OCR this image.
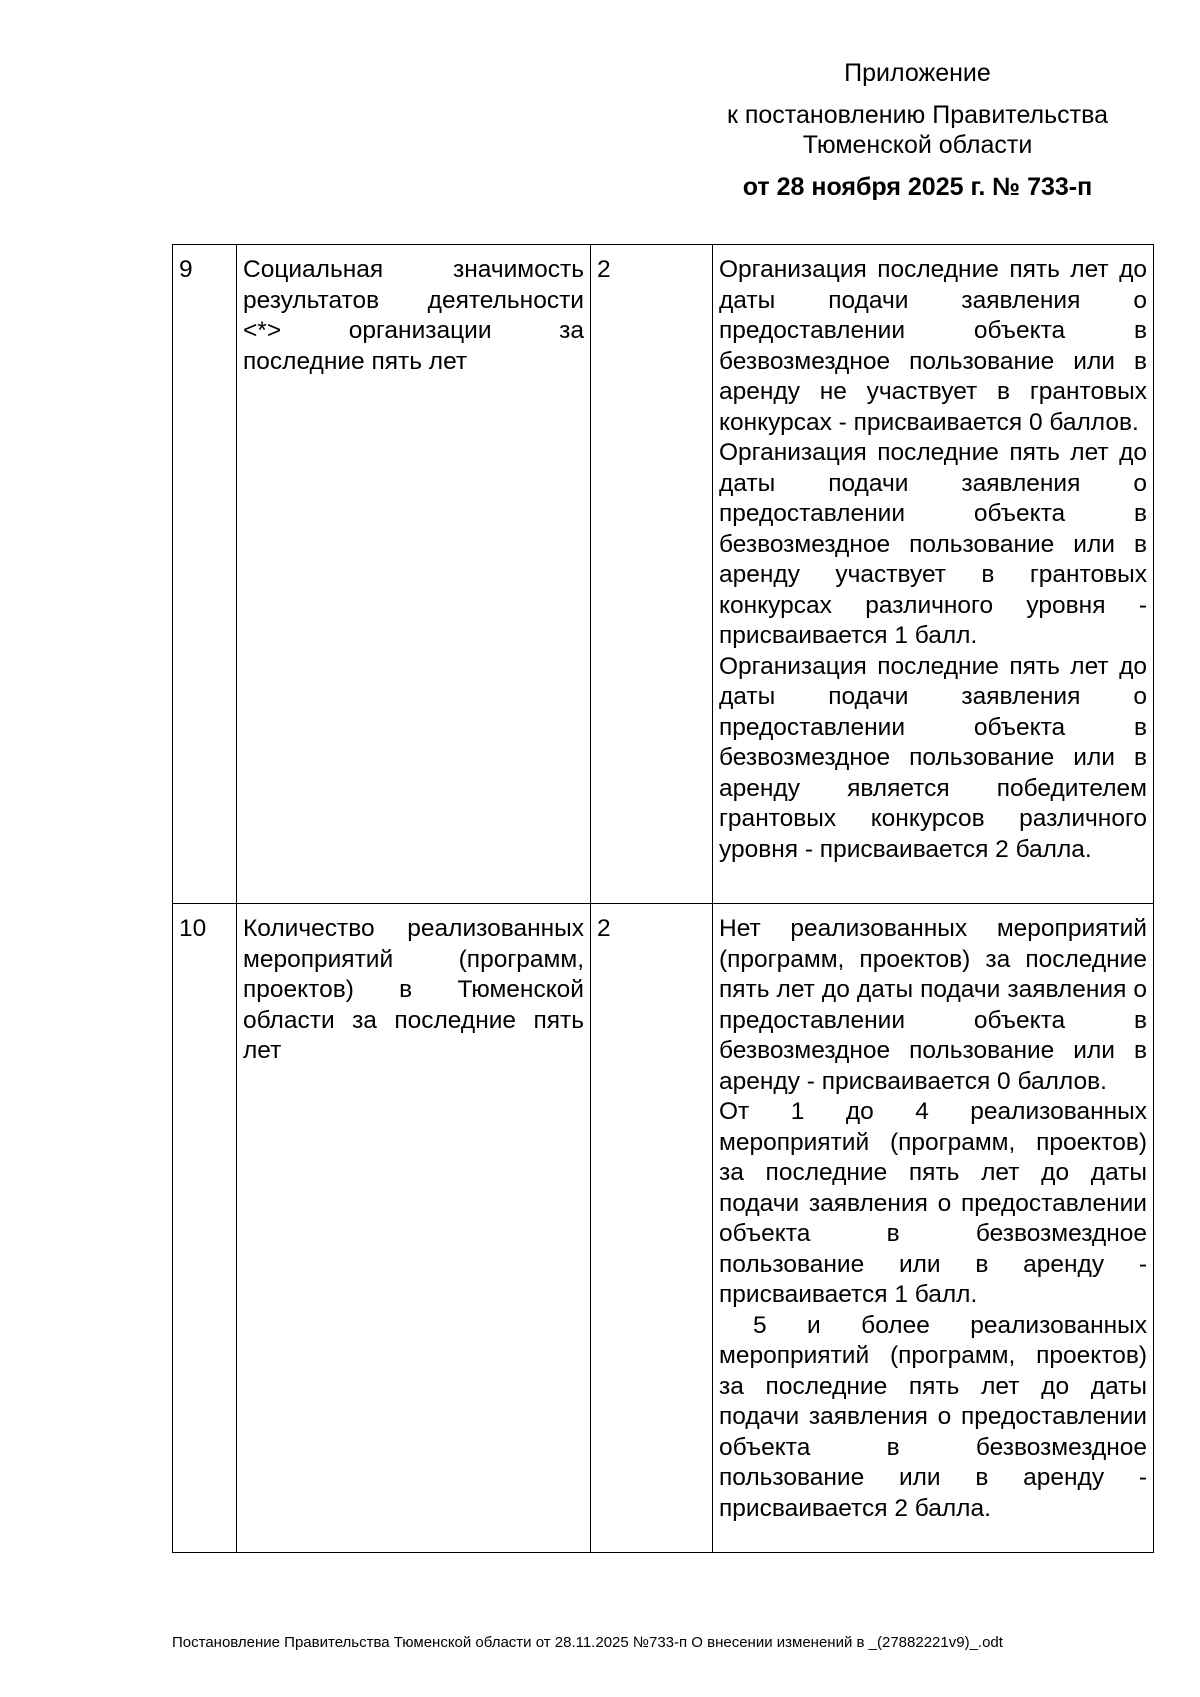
Приложение
к постановлению Правительства
Тюменской области
от 28 ноября 2025 г. № 733-п
9	Социальная значимость результатов деятельности <*> организации за последние пять лет	2	Организация последние пять лет до даты подачи заявления о предоставлении объекта в безвозмездное пользование или в аренду не участвует в грантовых конкурсах - присваивается 0 баллов.

Организация последние пять лет до даты подачи заявления о предоставлении объекта в безвозмездное пользование или в аренду участвует в грантовых конкурсах различного уровня - присваивается 1 балл.

Организация последние пять лет до даты подачи заявления о предоставлении объекта в безвозмездное пользование или в аренду является победителем грантовых конкурсов различного уровня - присваивается 2 балла.

10	Количество реализованных мероприятий (программ, проектов) в Тюменской области за последние пять лет	2	Нет реализованных мероприятий (программ, проектов) за последние пять лет до даты подачи заявления о предоставлении объекта в безвозмездное пользование или в аренду - присваивается 0 баллов.

От 1 до 4 реализованных мероприятий (программ, проектов) за последние пять лет до даты подачи заявления о предоставлении объекта в безвозмездное пользование или в аренду - присваивается 1 балл.

5 и более реализованных мероприятий (программ, проектов) за последние пять лет до даты подачи заявления о предоставлении объекта в безвозмездное пользование или в аренду - присваивается 2 балла.

Постановление Правительства Тюменской области от 28.11.2025 №733-п О внесении изменений в _(27882221v9)_.odt
